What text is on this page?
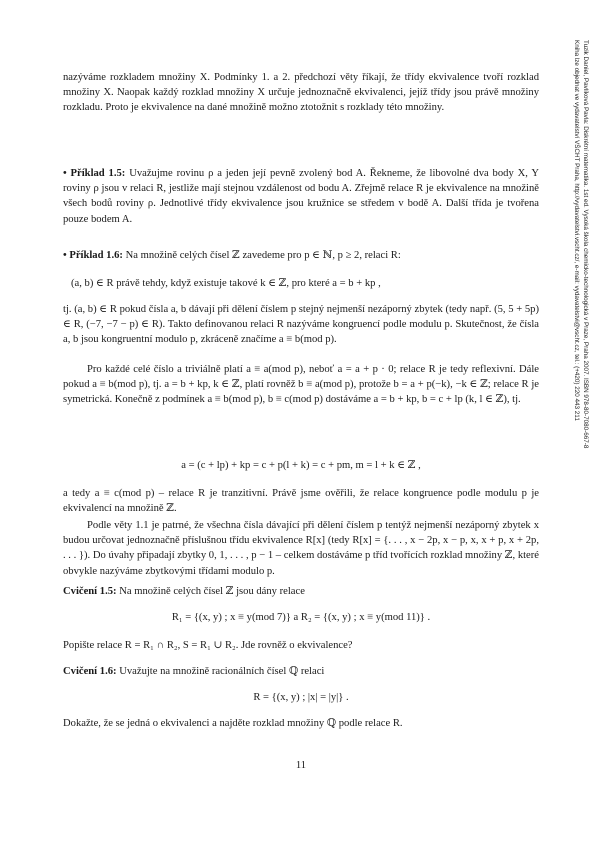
nazýváme rozkladem množiny X. Podmínky 1. a 2. předchozí věty říkají, že třídy ekvivalence tvoří rozklad množiny X. Naopak každý rozklad množiny X určuje jednoznačně ekvivalenci, jejíž třídy jsou právě množiny rozkladu. Proto je ekvivalence na dané množině možno ztotožnit s rozklady této množiny.

• Příklad 1.5: Uvažujme rovinu ρ a jeden její pevně zvolený bod A. Řekneme, že libovolné dva body X, Y roviny ρ jsou v relaci R, jestliže mají stejnou vzdálenost od bodu A. Zřejmě relace R je ekvivalence na množině všech bodů roviny ρ. Jednotlivé třídy ekvivalence jsou kružnice se středem v bodě A. Další třída je tvořena pouze bodem A.
• Příklad 1.6: Na množině celých čísel ℤ zavedeme pro p ∈ ℕ, p ≥ 2, relaci R:
(a, b) ∈ R právě tehdy, když existuje takové k ∈ ℤ, pro které a = b + kp ,

tj. (a, b) ∈ R pokud čísla a, b dávají při dělení číslem p stejný nejmenší nezáporný zbytek (tedy např. (5, 5 + 5p) ∈ R, (−7, −7 − p) ∈ R). Takto definovanou relaci R nazýváme kongruencí podle modulu p. Skutečnost, že čísla a, b jsou kongruentní modulo p, zkráceně značíme a ≡ b(mod p).

Pro každé celé číslo a triviálně platí a ≡ a(mod p), neboť a = a + p · 0; relace R je tedy reflexivní. Dále pokud a ≡ b(mod p), tj. a = b + kp, k ∈ ℤ, platí rovněž b ≡ a(mod p), protože b = a + p(−k), −k ∈ ℤ; relace R je symetrická. Konečně z podmínek a ≡ b(mod p), b ≡ c(mod p) dostáváme a = b + kp, b = c + lp (k, l ∈ ℤ), tj.

a = (c + lp) + kp = c + p(l + k) = c + pm, m = l + k ∈ ℤ ,

a tedy a ≡ c(mod p) – relace R je tranzitivní. Právě jsme ověřili, že relace kongruence podle modulu p je ekvivalencí na množině ℤ.

Podle věty 1.1 je patrné, že všechna čísla dávající při dělení číslem p tentýž nejmenší nezáporný zbytek x budou určovat jednoznačně příslušnou třídu ekvivalence R[x] (tedy R[x] = {. . . , x − 2p, x − p, x, x + p, x + 2p, . . . }). Do úvahy připadají zbytky 0, 1, . . . , p − 1 – celkem dostáváme p tříd tvořících rozklad množiny ℤ, které obvykle nazýváme zbytkovými třídami modulo p.

Cvičení 1.5: Na množině celých čísel ℤ jsou dány relace
R₁ = {(x, y) ; x ≡ y(mod 7)} a R₂ = {(x, y) ; x ≡ y(mod 11)} .

Popište relace R = R₁ ∩ R₂, S = R₁ ∪ R₂. Jde rovněž o ekvivalence?

Cvičení 1.6: Uvažujte na množině racionálních čísel ℚ relaci
R = {(x, y) ; |x| = |y|} .

Dokažte, že se jedná o ekvivalenci a najděte rozklad množiny ℚ podle relace R.

11
Tuzik Daniel, Pavlíková Pavla: Diskrétní matematika. 1st ed. Vysoká škola chemicko-technologická v Praze, Praha 2007. ISBN 978-80-7080-667-8
Kniha lze objednat ve vydavatelství VŠCHT Praha, http://vydavatelstvi.vscht.cz/, e-mail: vydavatelstvi@vscht.cz, tel.: (+420) 220 443 211
